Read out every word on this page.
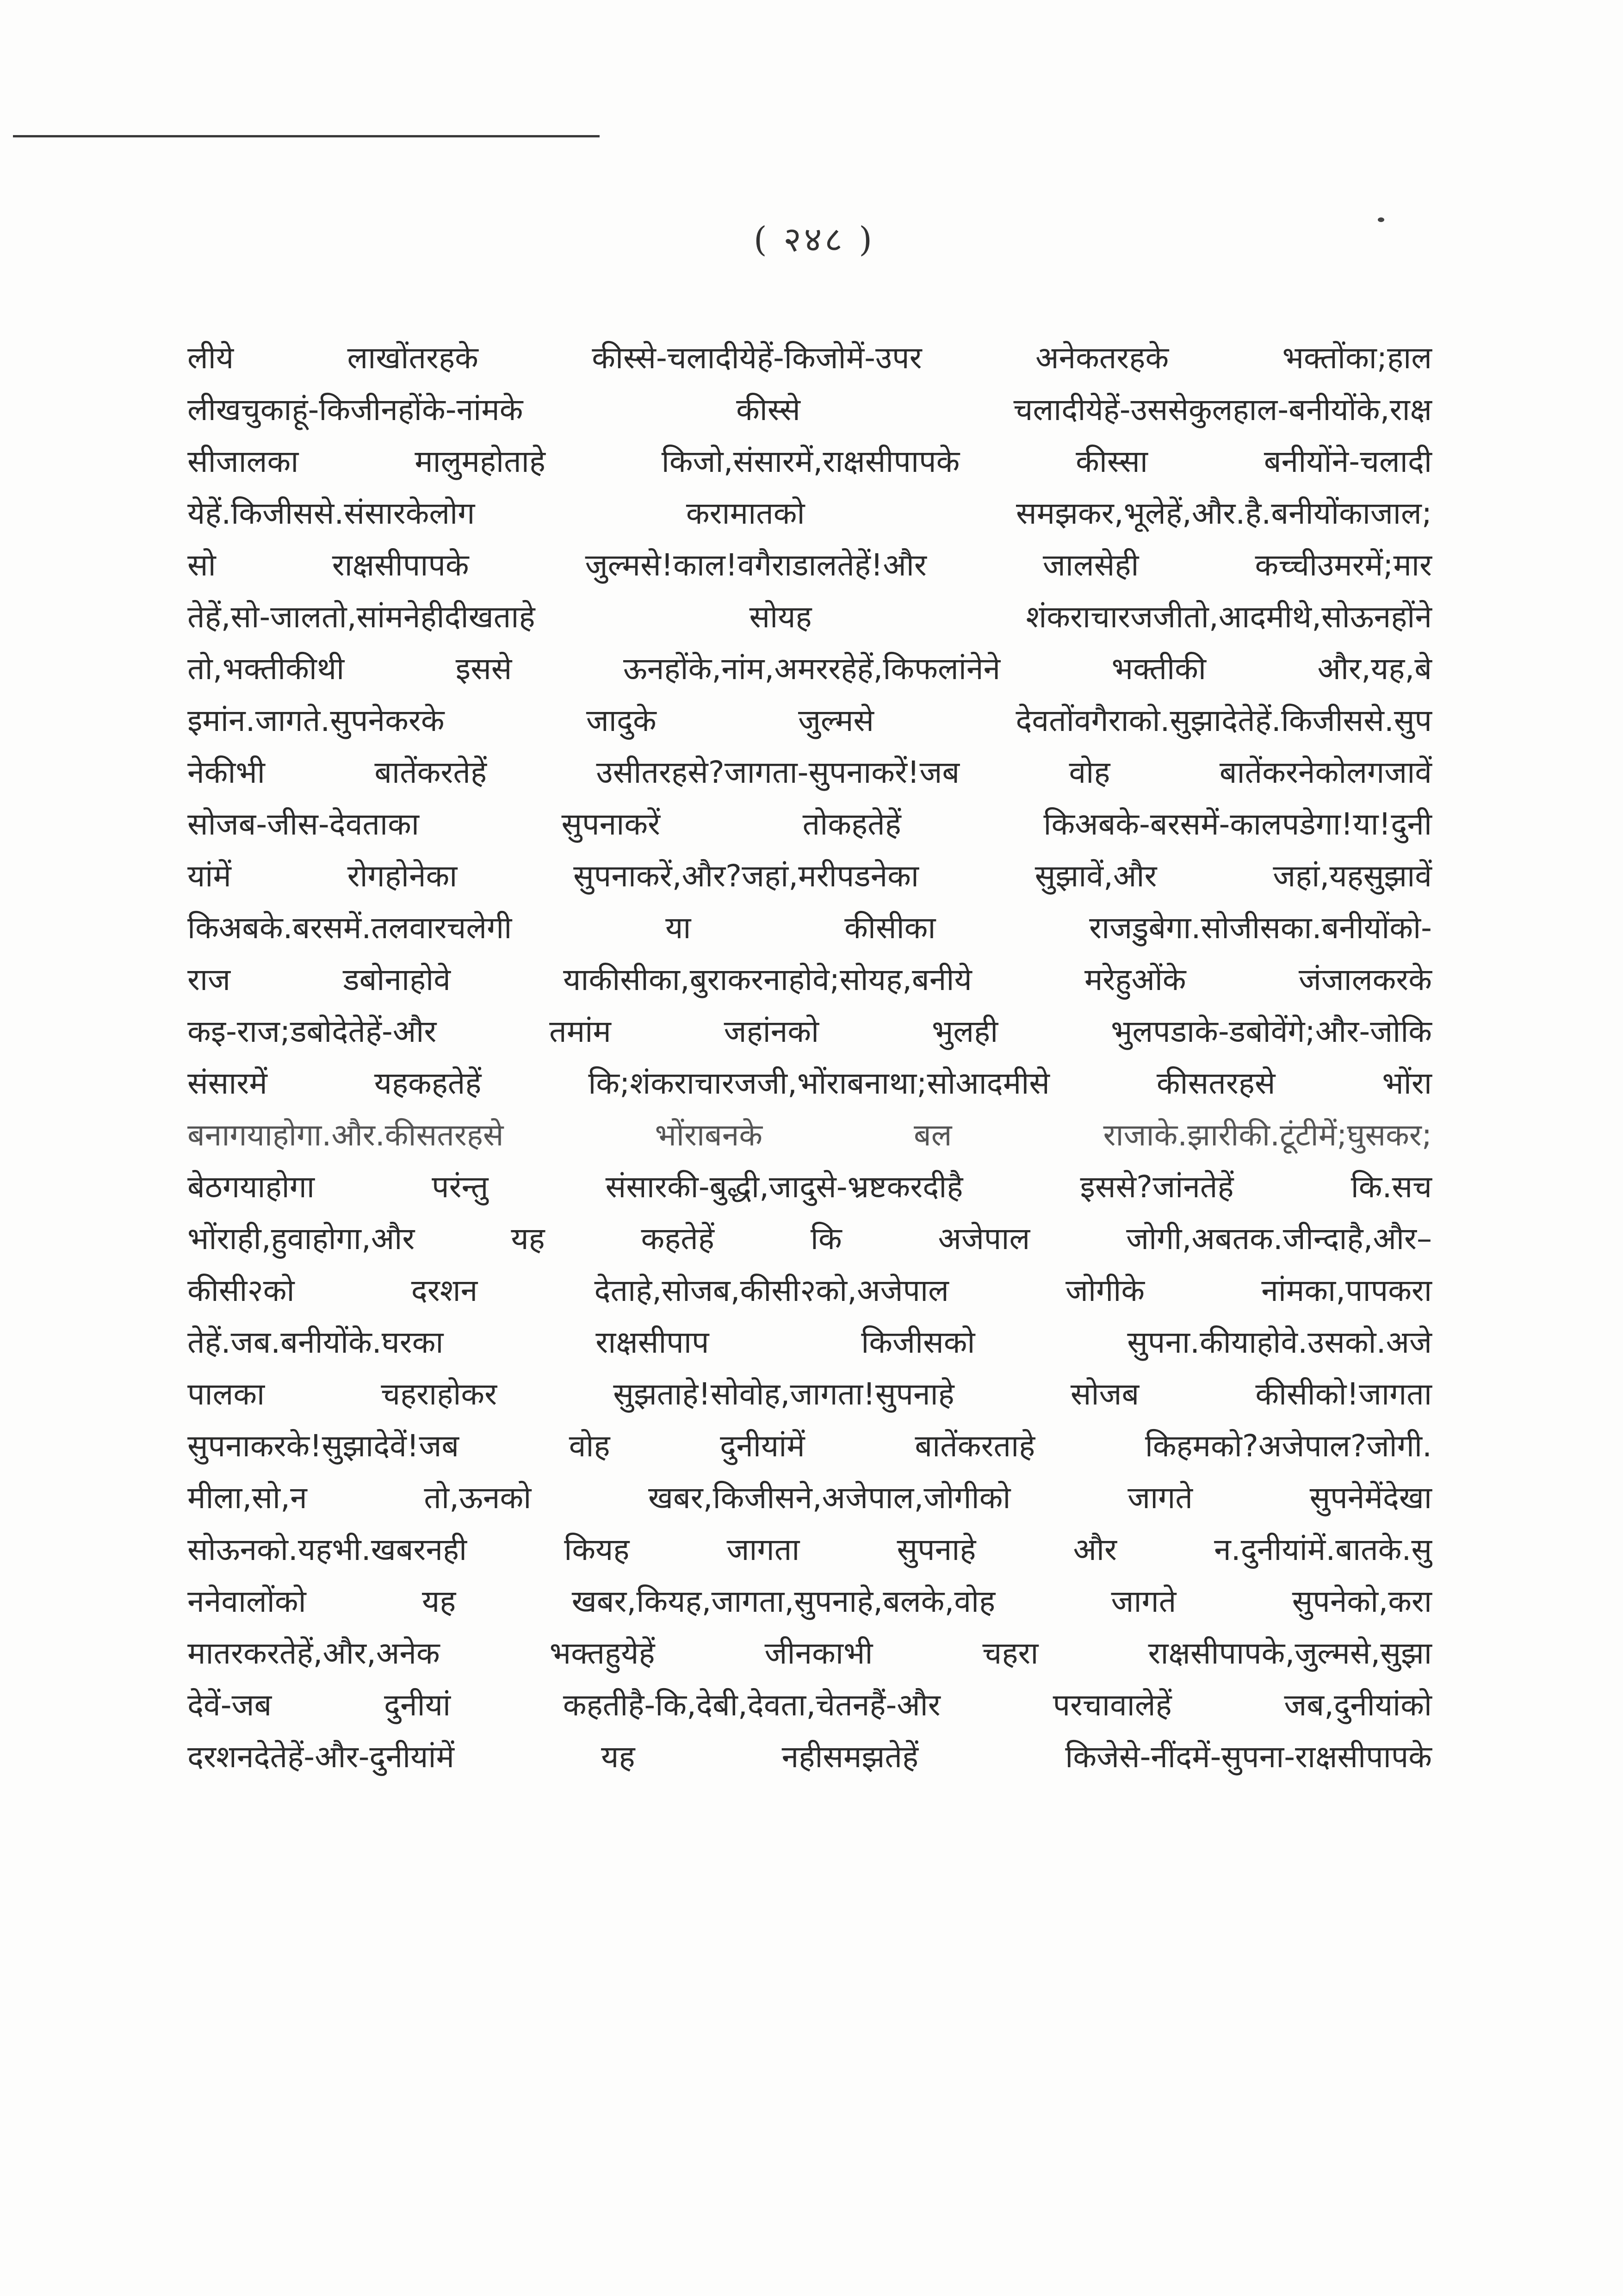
( २४८ )
लीये लाखोंतरहके कीस्से-चलादीयेहें-किजोमें-उपर अनेकतरहके भक्तोंका;हाल
लीखचुकाहूं-किजीनहोंके-नांमके कीस्से चलादीयेहें-उससेकुलहाल-बनीयोंके,राक्ष
सीजालका मालुमहोताहे किजो,संसारमें,राक्षसीपापके कीस्सा बनीयोंने-चलादी
येहें.किजीससे.संसारकेलोग करामातको समझकर,भूलेहें,और.है.बनीयोंकाजाल;
सो राक्षसीपापके जुल्मसे!काल!वगैराडालतेहें!और जालसेही कच्चीउमरमें;मार
तेहें,सो-जालतो,सांमनेहीदीखताहे सोयह शंकराचारजजीतो,आदमीथे,सोऊनहोंने
तो,भक्तीकीथी इससे ऊनहोंके,नांम,अमररहेहें,किफलांनेने भक्तीकी और,यह,बे
इमांन.जागते.सुपनेकरके जादुके जुल्मसे देवतोंवगैराको.सुझादेतेहें.किजीससे.सुप
नेकीभी बातेंकरतेहें उसीतरहसे?जागता-सुपनाकरें!जब वोह बातेंकरनेकोलगजावें
सोजब-जीस-देवताका सुपनाकरें तोकहतेहें किअबके-बरसमें-कालपडेगा!या!दुनी
यांमें रोगहोनेका सुपनाकरें,और?जहां,मरीपडनेका सुझावें,और जहां,यहसुझावें
किअबके.बरसमें.तलवारचलेगी या कीसीका राजडुबेगा.सोजीसका.बनीयोंको-
राज डबोनाहोवे याकीसीका,बुराकरनाहोवे;सोयह,बनीये मरेहुओंके जंजालकरके
कइ-राज;डबोदेतेहें-और तमांम जहांनको भुलही भुलपडाके-डबोवेंगे;और-जोकि
संसारमें यहकहतेहें कि;शंकराचारजजी,भोंराबनाथा;सोआदमीसे कीसतरहसे भोंरा
बनागयाहोगा.और.कीसतरहसे भोंराबनके बल राजाके.झारीकी.टूंटीमें;घुसकर;
बेठगयाहोगा परंन्तु संसारकी-बुद्धी,जादुसे-भ्रष्टकरदीहै इससे?जांनतेहें कि.सच
भोंराही,हुवाहोगा,और यह कहतेहें कि अजेपाल जोगी,अबतक.जीन्दाहै,और–
कीसी२को दरशन देताहे,सोजब,कीसी२को,अजेपाल जोगीके नांमका,पापकरा
तेहें.जब.बनीयोंके.घरका राक्षसीपाप किजीसको सुपना.कीयाहोवे.उसको.अजे
पालका चहराहोकर सुझताहे!सोवोह,जागता!सुपनाहे सोजब कीसीको!जागता
सुपनाकरके!सुझादेवें!जब वोह दुनीयांमें बातेंकरताहे किहमको?अजेपाल?जोगी.
मीला,सो,न तो,ऊनको खबर,किजीसने,अजेपाल,जोगीको जागते सुपनेमेंदेखा
सोऊनको.यहभी.खबरनही कियह जागता सुपनाहे और न.दुनीयांमें.बातके.सु
ननेवालोंको यह खबर,कियह,जागता,सुपनाहे,बलके,वोह जागते सुपनेको,करा
मातरकरतेहें,और,अनेक भक्तहुयेहें जीनकाभी चहरा राक्षसीपापके,जुल्मसे,सुझा
देवें-जब दुनीयां कहतीहै-कि,देबी,देवता,चेतनहैं-और परचावालेहें जब,दुनीयांको
दरशनदेतेहें-और-दुनीयांमें यह नहीसमझतेहें किजेसे-नींदमें-सुपना-राक्षसीपापके
